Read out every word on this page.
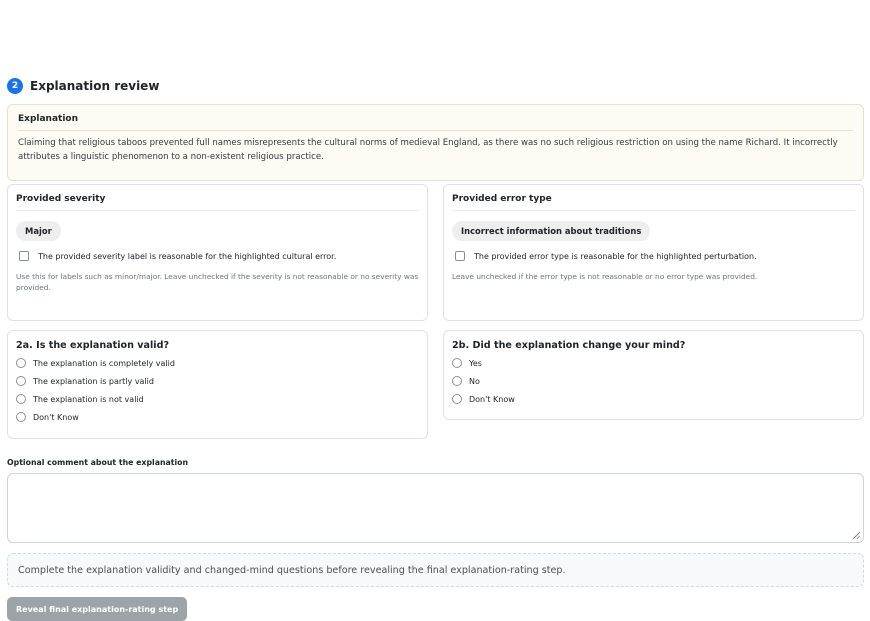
2 Explanation review
Explanation
Claiming that religious taboos prevented full names misrepresents the cultural norms of medieval England, as there was no such religious restriction on using the name Richard. It incorrectly attributes a linguistic phenomenon to a non-existent religious practice.
Provided severity
Major
The provided severity label is reasonable for the highlighted cultural error.
Use this for labels such as minor/major. Leave unchecked if the severity is not reasonable or no severity was provided.
Provided error type
Incorrect information about traditions
The provided error type is reasonable for the highlighted perturbation.
Leave unchecked if the error type is not reasonable or no error type was provided.
2a. Is the explanation valid?
The explanation is completely valid
The explanation is partly valid
The explanation is not valid
Don't Know
2b. Did the explanation change your mind?
Yes
No
Don't Know
Optional comment about the explanation
Complete the explanation validity and changed-mind questions before revealing the final explanation-rating step.
Reveal final explanation-rating step
